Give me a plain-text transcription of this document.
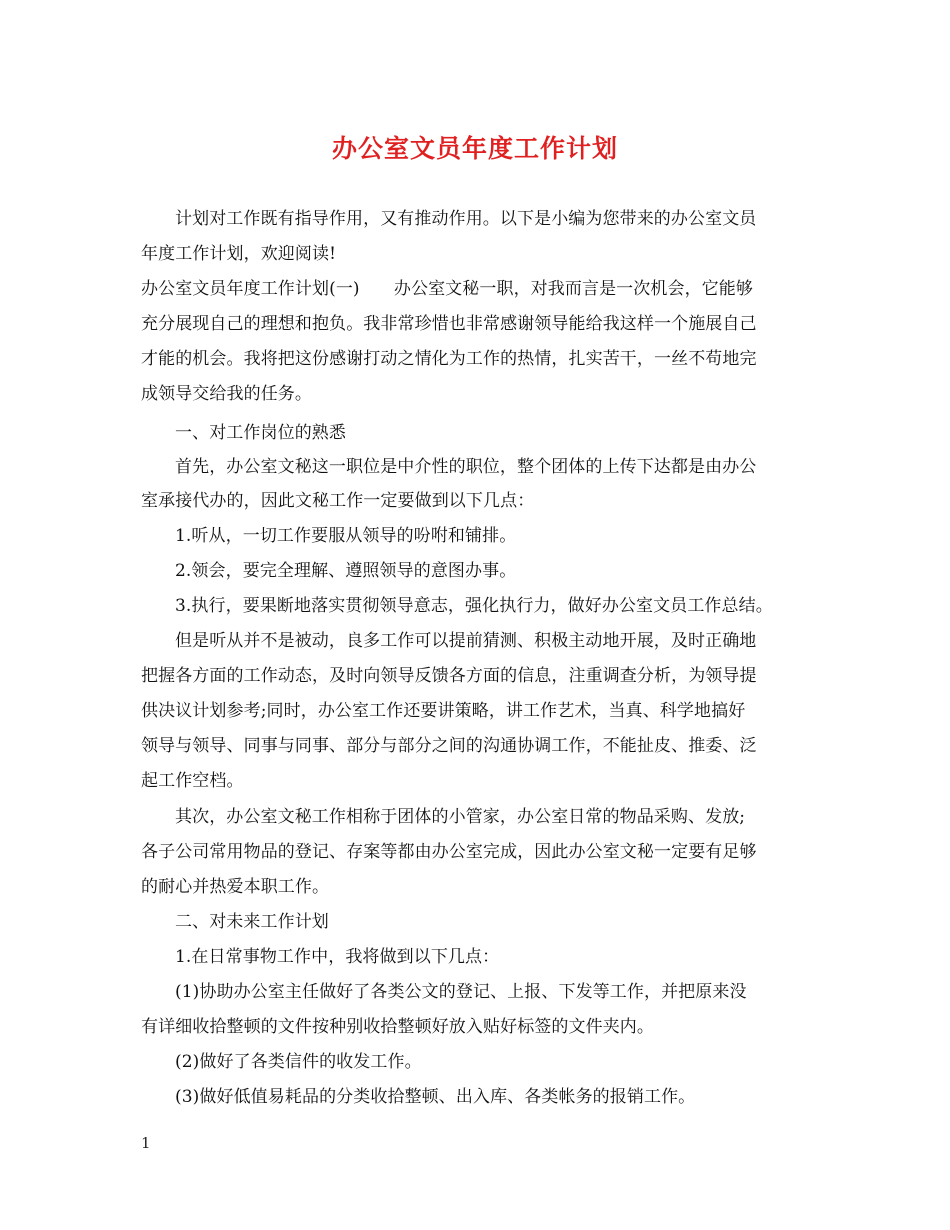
办公室文员年度工作计划
计划对工作既有指导作用，又有推动作用。以下是小编为您带来的办公室文员
年度工作计划，欢迎阅读!
办公室文员年度工作计划(一)　　办公室文秘一职，对我而言是一次机会，它能够
充分展现自己的理想和抱负。我非常珍惜也非常感谢领导能给我这样一个施展自己
才能的机会。我将把这份感谢打动之情化为工作的热情，扎实苦干，一丝不苟地完
成领导交给我的任务。
一、对工作岗位的熟悉
首先，办公室文秘这一职位是中介性的职位，整个团体的上传下达都是由办公
室承接代办的，因此文秘工作一定要做到以下几点：
1.听从，一切工作要服从领导的吩咐和铺排。
2.领会，要完全理解、遵照领导的意图办事。
3.执行，要果断地落实贯彻领导意志，强化执行力，做好办公室文员工作总结。
但是听从并不是被动，良多工作可以提前猜测、积极主动地开展，及时正确地
把握各方面的工作动态，及时向领导反馈各方面的信息，注重调查分析，为领导提
供决议计划参考;同时，办公室工作还要讲策略，讲工作艺术，当真、科学地搞好
领导与领导、同事与同事、部分与部分之间的沟通协调工作，不能扯皮、推委、泛
起工作空档。
其次，办公室文秘工作相称于团体的小管家，办公室日常的物品采购、发放;
各子公司常用物品的登记、存案等都由办公室完成，因此办公室文秘一定要有足够
的耐心并热爱本职工作。
二、对未来工作计划
1.在日常事物工作中，我将做到以下几点：
(1)协助办公室主任做好了各类公文的登记、上报、下发等工作，并把原来没
有详细收拾整顿的文件按种别收拾整顿好放入贴好标签的文件夹内。
(2)做好了各类信件的收发工作。
(3)做好低值易耗品的分类收拾整顿、出入库、各类帐务的报销工作。
1
